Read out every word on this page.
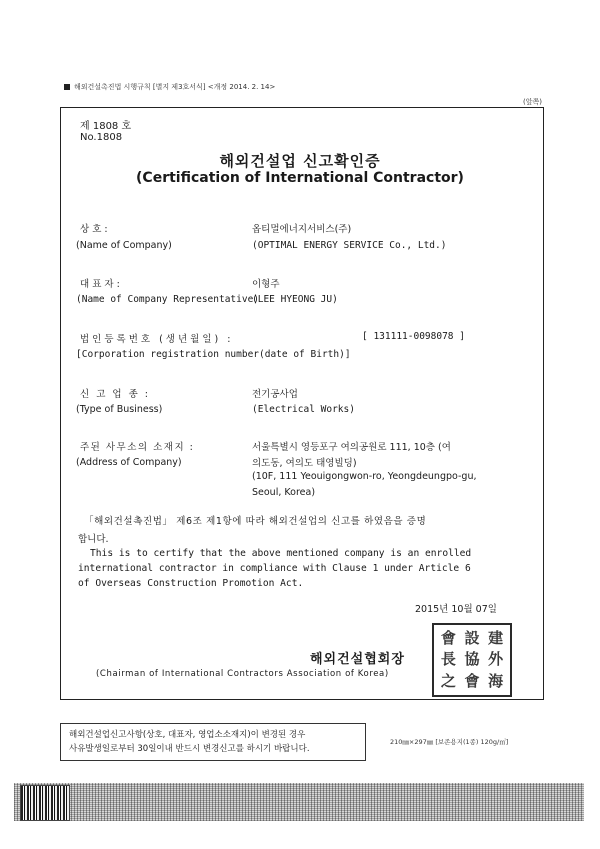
해외건설촉진법 시행규칙 [별지 제3호서식] <개정 2014. 2. 14>
(앞쪽)
제 1808 호
No.1808
해외건설업 신고확인증
(Certification of International Contractor)
상 호 :
(Name of Company)
옵티멀에너지서비스(주)
(OPTIMAL ENERGY SERVICE Co., Ltd.)
대 표 자 :
(Name of Company Representative)
이형주
(LEE HYEONG JU)
법인등록번호 (생년월일) :	[ 131111-0098078 ]
[Corporation registration number(date of Birth)]
신 고 업 종 :
(Type of Business)
전기공사업
(Electrical Works)
주된 사무소의 소재지 :
(Address of Company)
서울특별시 영등포구 여의공원로 111, 10층 (여
의도동, 여의도 태영빌딩)
(10F, 111 Yeouigongwon-ro, Yeongdeungpo-gu,
Seoul, Korea)
「해외건설촉진법」 제6조 제1항에 따라 해외건설업의 신고를 하였음을 증명
합니다.
This is to certify that the above mentioned company is an enrolled
international contractor in compliance with Clause 1 under Article 6
of Overseas Construction Promotion Act.
2015년 10월 07일
해외건설협회장
(Chairman of International Contractors Association of Korea)
會 設 建
長 協 外
之 會 海
해외건설업신고사항(상호, 대표자, 영업소소재지)이 변경된 경우
사유발생일로부터 30일이내 반드시 변경신고를 하시기 바랍니다.
210㎜×297㎜ [보존용지(1종) 120g/㎡]
